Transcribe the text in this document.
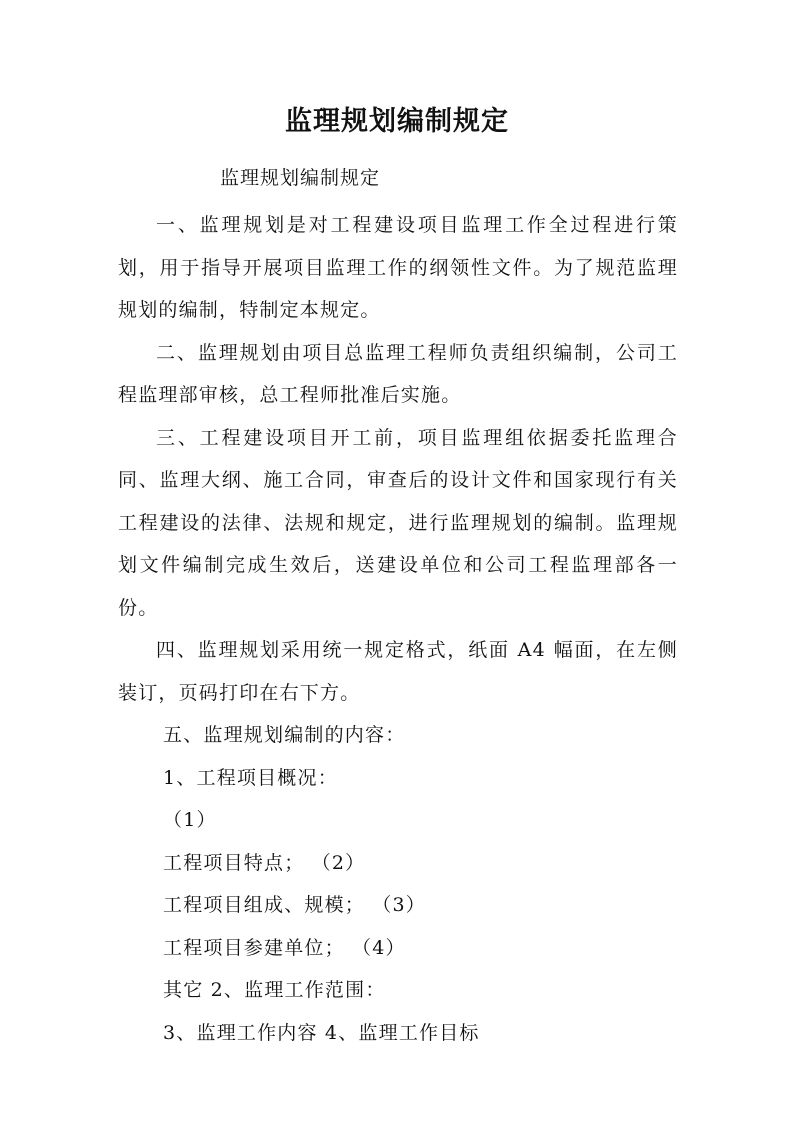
监理规划编制规定
监理规划编制规定

一、监理规划是对工程建设项目监理工作全过程进行策划，用于指导开展项目监理工作的纲领性文件。为了规范监理规划的编制，特制定本规定。

二、监理规划由项目总监理工程师负责组织编制，公司工程监理部审核，总工程师批准后实施。

三、工程建设项目开工前，项目监理组依据委托监理合同、监理大纲、施工合同，审查后的设计文件和国家现行有关工程建设的法律、法规和规定，进行监理规划的编制。监理规划文件编制完成生效后，送建设单位和公司工程监理部各一份。

四、监理规划采用统一规定格式，纸面 A4 幅面，在左侧装订，页码打印在右下方。

五、监理规划编制的内容：

1、工程项目概况：

（1）

工程项目特点； （2）

工程项目组成、规模； （3）

工程项目参建单位； （4）

其它 2、监理工作范围：

3、监理工作内容 4、监理工作目标
